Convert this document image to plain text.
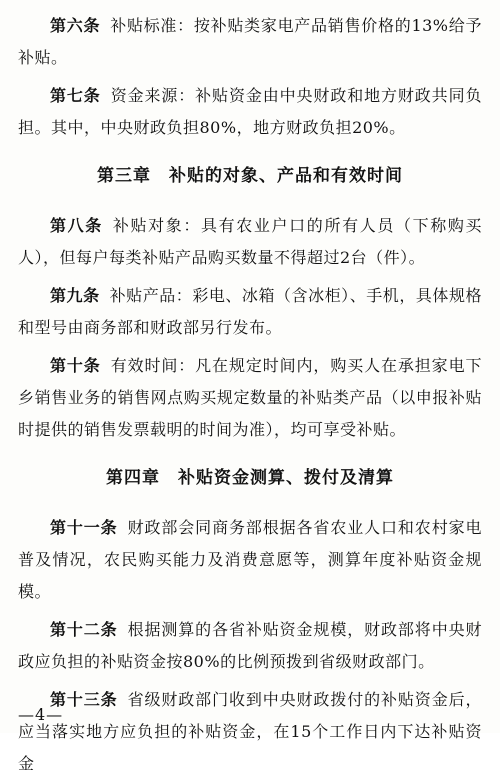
第六条 补贴标准：按补贴类家电产品销售价格的13%给予补贴。

第七条 资金来源：补贴资金由中央财政和地方财政共同负担。其中，中央财政负担80%，地方财政负担20%。

第三章　补贴的对象、产品和有效时间

第八条 补贴对象：具有农业户口的所有人员（下称购买人），但每户每类补贴产品购买数量不得超过2台（件）。

第九条 补贴产品：彩电、冰箱（含冰柜）、手机，具体规格和型号由商务部和财政部另行发布。

第十条 有效时间：凡在规定时间内，购买人在承担家电下乡销售业务的销售网点购买规定数量的补贴类产品（以申报补贴时提供的销售发票载明的时间为准），均可享受补贴。

第四章　补贴资金测算、拨付及清算

第十一条 财政部会同商务部根据各省农业人口和农村家电普及情况，农民购买能力及消费意愿等，测算年度补贴资金规模。

第十二条 根据测算的各省补贴资金规模，财政部将中央财政应负担的补贴资金按80%的比例预拨到省级财政部门。

第十三条 省级财政部门收到中央财政拨付的补贴资金后，应当落实地方应负担的补贴资金，在15个工作日内下达补贴资金

—4—
